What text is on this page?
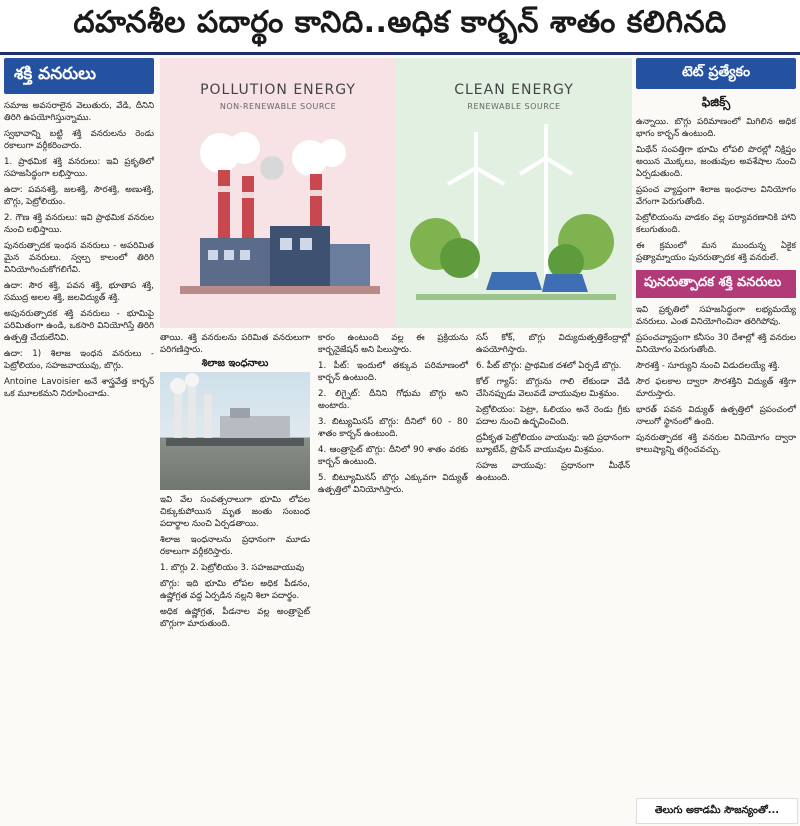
దహనశీల పదార్థం కానిది..అధిక కార్బన్ శాతం కలిగినది
శక్తి వనరులు

సమాజ అవసరాలైన వెలుతురు, వేడి, దీనిని తిరిగి ఉపయోగిస్తున్నాము.

స్వభావాన్ని బట్టి శక్తి వనరులను రెండు రకాలుగా వర్గీకరించారు.

1. ప్రాథమిక శక్తి వనరులు: ఇవి ప్రకృతిలో సహజసిద్ధంగా లభిస్తాయి.

ఉదా: పవనశక్తి, జలశక్తి, సౌరశక్తి, అణుశక్తి, బొగ్గు, పెట్రోలియం.

2. గౌణ శక్తి వనరులు: ఇవి ప్రాథమిక వనరుల నుంచి లభిస్తాయి.

పునరుత్పాదక ఇంధన వనరులు - అపరిమిత మైన వనరులు. స్వల్ప కాలంలో తిరిగి వినియోగించుకోగలిగేవి.

ఉదా: సౌర శక్తి, పవన శక్తి, భూతాప శక్తి, సముద్ర అలల శక్తి, జలవిద్యుత్ శక్తి.

అపునరుత్పాదక శక్తి వనరులు - భూమిపై పరిమితంగా ఉండి, ఒకసారి వినియోగిస్తే తిరిగి ఉత్పత్తి చేయలేనివి.

ఉదా: 1) శిలాజ ఇంధన వనరులు - పెట్రోలియం, సహజవాయువు, బొగ్గు.

Antoine Lavoisier అనే శాస్త్రవేత్త కార్బన్ ఒక మూలకమని నిరూపించాడు.

POLLUTION ENERGY
NON-RENEWABLE SOURCE
CLEAN ENERGY
RENEWABLE SOURCE

తాయి. శక్తి వనరులను పరిమిత వనరులుగా పరిగణిస్తారు.

శిలాజ ఇంధనాలు

ఇవి వేల సంవత్సరాలుగా భూమి లోపల చిక్కుకుపోయిన మృత జంతు సంబంధ పదార్థాల నుంచి ఏర్పడతాయి.

శిలాజ ఇంధనాలను ప్రధానంగా మూడు రకాలుగా వర్గీకరిస్తారు.

1. బొగ్గు 2. పెట్రోలియం 3. సహజవాయువు

బొగ్గు: ఇది భూమి లోపల అధిక పీడనం, ఉష్ణోగ్రత వద్ద ఏర్పడిన నల్లని శిలా పదార్థం.

అధిక ఉష్ణోగ్రత, పీడనాల వల్ల అంత్రాసైట్ బొగ్గుగా మారుతుంది.

కారం ఉంటుంది వల్ల ఈ ప్రక్రియను కార్బనైజేషన్ అని పిలుస్తారు.

1. పీట్: ఇందులో తక్కువ పరిమాణంలో కార్బన్ ఉంటుంది.

2. లిగ్నైట్: దీనిని గోధుమ బొగ్గు అని అంటారు.

3. బిట్యుమినస్ బొగ్గు: దీనిలో 60 - 80 శాతం కార్బన్ ఉంటుంది.

4. ఆంత్రాసైట్ బొగ్గు: దీనిలో 90 శాతం వరకు కార్బన్ ఉంటుంది.

5. బిట్యూమినస్ బొగ్గు ఎక్కువగా విద్యుత్ ఉత్పత్తిలో వినియోగిస్తారు.

సస్ కోక్, బొగ్గు విద్యుదుత్పత్తికేంద్రాల్లో ఉపయోగిస్తారు.

6. పీట్ బొగ్గు: ప్రాథమిక దశలో ఏర్పడే బొగ్గు.

కోల్ గ్యాస్: బొగ్గును గాలి లేకుండా వేడి చేసినప్పుడు వెలువడే వాయువుల మిశ్రమం.

పెట్రోలియం: పెట్రా, ఓలియం అనే రెండు గ్రీకు పదాల నుంచి ఉద్భవించింది.

ద్రవీకృత పెట్రోలియం వాయువు: ఇది ప్రధానంగా బ్యూటేన్, ప్రొపేన్ వాయువుల మిశ్రమం.

సహజ వాయువు: ప్రధానంగా మీథేన్ ఉంటుంది.

టెట్ ప్రత్యేకం
ఫిజిక్స్

ఉన్నాయి. బొగ్గు పరిమాణంలో మిగిలిన అధిక భాగం కార్బన్ ఉంటుంది.

మిథేన్ సంపత్తిగా భూమి లోపలి పొరల్లో నిక్షిప్తం అయిన మొక్కలు, జంతువుల అవశేషాల నుంచి ఏర్పడుతుంది.

ప్రపంచ వ్యాప్తంగా శిలాజ ఇంధనాల వినియోగం వేగంగా పెరుగుతోంది.

పెట్రోలియంను వాడకం వల్ల పర్యావరణానికి హాని కలుగుతుంది.

ఈ క్రమంలో మన ముందున్న ఏకైక ప్రత్యామ్నాయం పునరుత్పాదక శక్తి వనరులే.

పునరుత్పాదక శక్తి వనరులు

ఇవి ప్రకృతిలో సహజసిద్ధంగా లభ్యమయ్యే వనరులు. ఎంత వినియోగించినా తరిగిపోవు.

ప్రపంచవ్యాప్తంగా కనీసం 30 దేశాల్లో శక్తి వనరుల వినియోగం పెరుగుతోంది.

సౌరశక్తి - సూర్యుని నుంచి విడుదలయ్యే శక్తి.

సౌర ఫలకాల ద్వారా సౌరశక్తిని విద్యుత్ శక్తిగా మారుస్తారు.

భారత్ పవన విద్యుత్ ఉత్పత్తిలో ప్రపంచంలో నాలుగో స్థానంలో ఉంది.

పునరుత్పాదక శక్తి వనరుల వినియోగం ద్వారా కాలుష్యాన్ని తగ్గించవచ్చు.

తెలుగు అకాడమీ సౌజన్యంతో...
